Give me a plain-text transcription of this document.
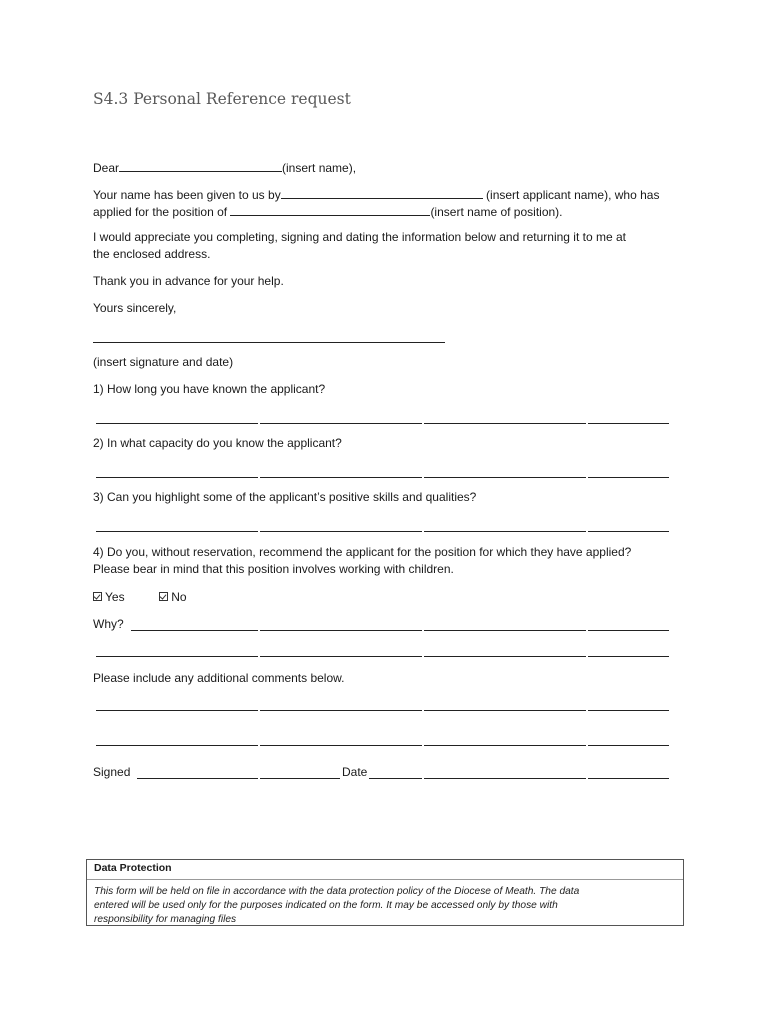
S4.3 Personal Reference request
Dear	(insert name),
Your name has been given to us by	(insert applicant name), who has
applied for the position of	(insert name of position).
I would appreciate you completing, signing and dating the information below and returning it to me at
the enclosed address.
Thank you in advance for your help.
Yours sincerely,
(insert signature and date)
1) How long you have known the applicant?
2) In what capacity do you know the applicant?
3) Can you highlight some of the applicant’s positive skills and qualities?
4) Do you, without reservation, recommend the applicant for the position for which they have applied?
Please bear in mind that this position involves working with children.
Yes	No
Why?
Please include any additional comments below.
Signed	Date
Data Protection
This form will be held on file in accordance with the data protection policy of the Diocese of Meath. The data
entered will be used only for the purposes indicated on the form. It may be accessed only by those with
responsibility for managing files
